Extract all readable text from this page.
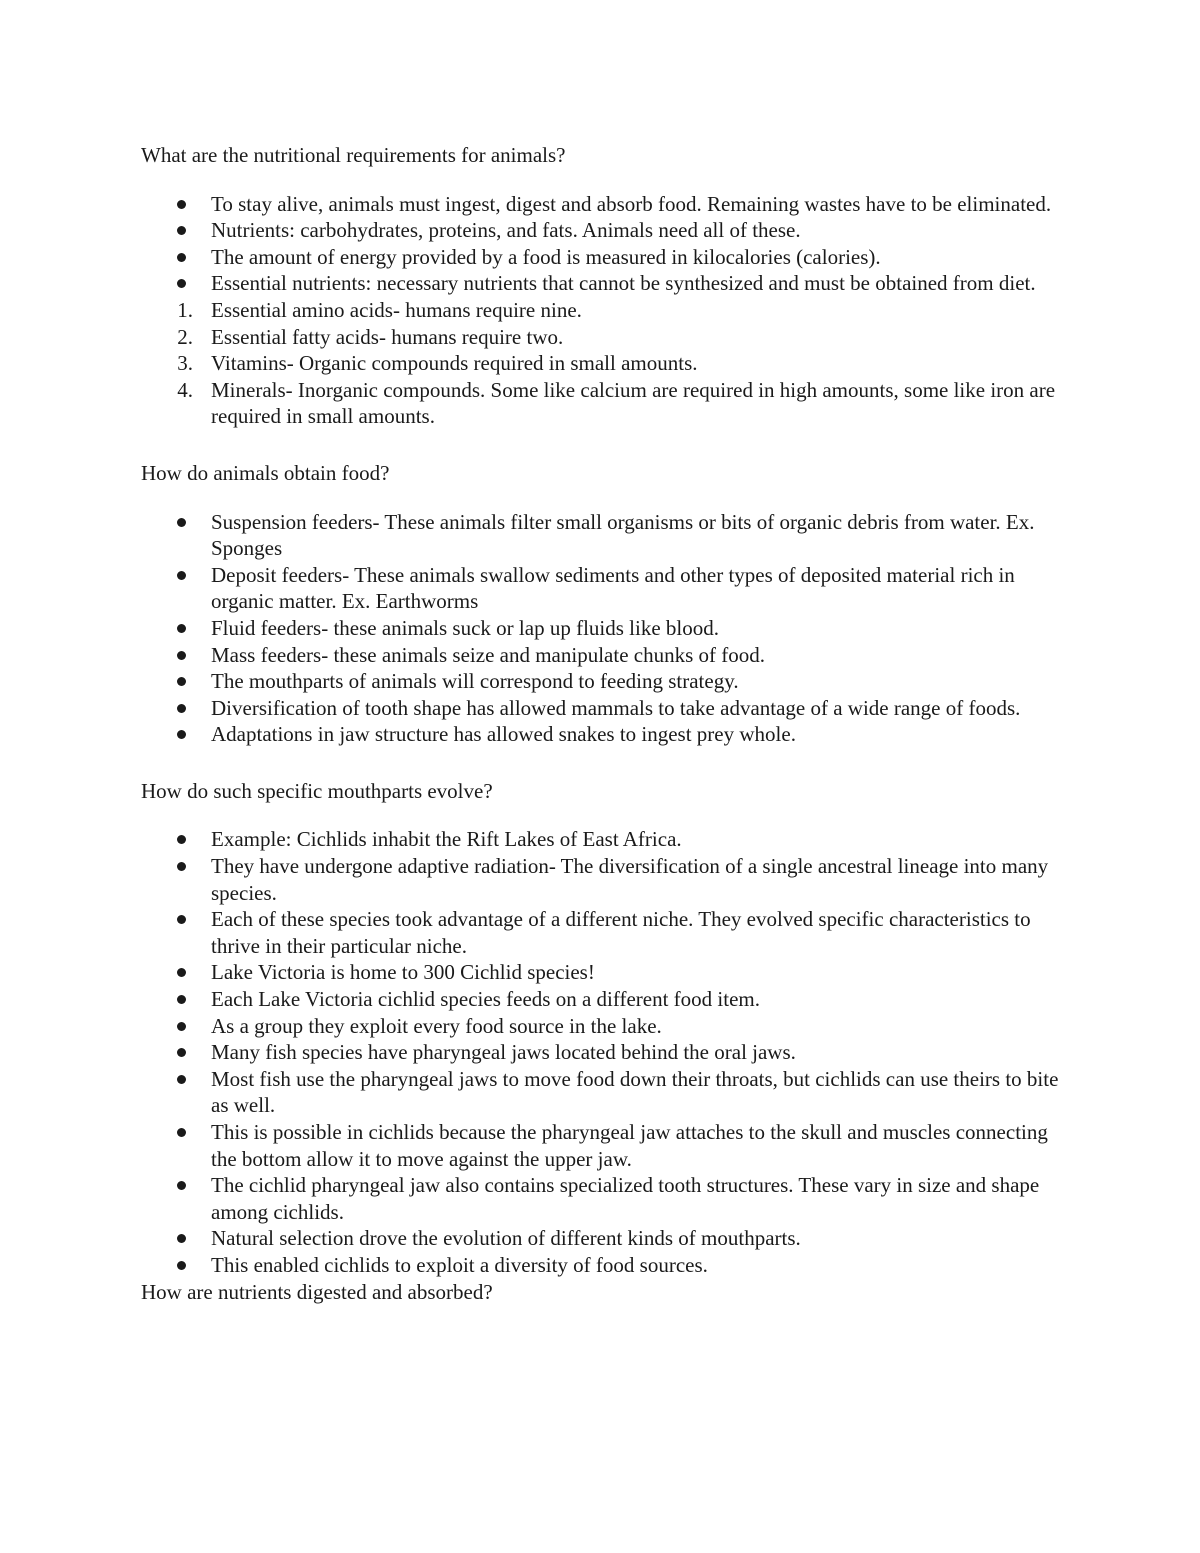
What are the nutritional requirements for animals?

To stay alive, animals must ingest, digest and absorb food. Remaining wastes have to be eliminated.
Nutrients: carbohydrates, proteins, and fats. Animals need all of these.
The amount of energy provided by a food is measured in kilocalories (calories).
Essential nutrients: necessary nutrients that cannot be synthesized and must be obtained from diet.
1. Essential amino acids- humans require nine.
2. Essential fatty acids- humans require two.
3. Vitamins- Organic compounds required in small amounts.
4. Minerals- Inorganic compounds. Some like calcium are required in high amounts, some like iron are required in small amounts.

How do animals obtain food?

Suspension feeders- These animals filter small organisms or bits of organic debris from water. Ex. Sponges
Deposit feeders- These animals swallow sediments and other types of deposited material rich in organic matter. Ex. Earthworms
Fluid feeders- these animals suck or lap up fluids like blood.
Mass feeders- these animals seize and manipulate chunks of food.
The mouthparts of animals will correspond to feeding strategy.
Diversification of tooth shape has allowed mammals to take advantage of a wide range of foods.
Adaptations in jaw structure has allowed snakes to ingest prey whole.

How do such specific mouthparts evolve?

Example: Cichlids inhabit the Rift Lakes of East Africa.
They have undergone adaptive radiation- The diversification of a single ancestral lineage into many species.
Each of these species took advantage of a different niche. They evolved specific characteristics to thrive in their particular niche.
Lake Victoria is home to 300 Cichlid species!
Each Lake Victoria cichlid species feeds on a different food item.
As a group they exploit every food source in the lake.
Many fish species have pharyngeal jaws located behind the oral jaws.
Most fish use the pharyngeal jaws to move food down their throats, but cichlids can use theirs to bite as well.
This is possible in cichlids because the pharyngeal jaw attaches to the skull and muscles connecting the bottom allow it to move against the upper jaw.
The cichlid pharyngeal jaw also contains specialized tooth structures. These vary in size and shape among cichlids.
Natural selection drove the evolution of different kinds of mouthparts.
This enabled cichlids to exploit a diversity of food sources.

How are nutrients digested and absorbed?
